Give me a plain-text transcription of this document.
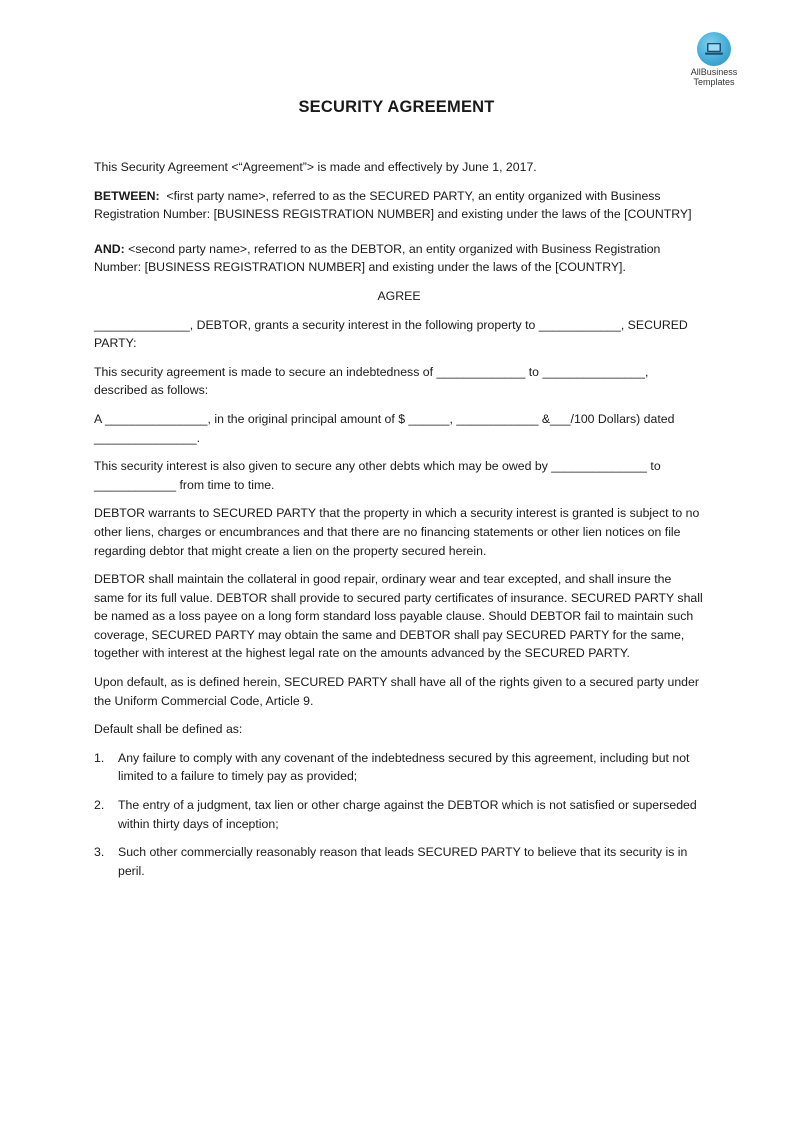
AllBusiness
Templates
SECURITY AGREEMENT

This Security Agreement <“Agreement”> is made and effectively by June 1, 2017.

BETWEEN:  <first party name>, referred to as the SECURED PARTY, an entity organized with Business Registration Number: [BUSINESS REGISTRATION NUMBER] and existing under the laws of the [COUNTRY]

AND: <second party name>, referred to as the DEBTOR, an entity organized with Business Registration Number: [BUSINESS REGISTRATION NUMBER] and existing under the laws of the [COUNTRY].

AGREE

______________, DEBTOR, grants a security interest in the following property to ____________, SECURED PARTY:

This security agreement is made to secure an indebtedness of _____________ to _______________, described as follows:

A _______________, in the original principal amount of $ ______, ____________ &___/100 Dollars) dated _______________.

This security interest is also given to secure any other debts which may be owed by ______________ to ____________ from time to time.

DEBTOR warrants to SECURED PARTY that the property in which a security interest is granted is subject to no other liens, charges or encumbrances and that there are no financing statements or other lien notices on file regarding debtor that might create a lien on the property secured herein.

DEBTOR shall maintain the collateral in good repair, ordinary wear and tear excepted, and shall insure the same for its full value. DEBTOR shall provide to secured party certificates of insurance. SECURED PARTY shall be named as a loss payee on a long form standard loss payable clause. Should DEBTOR fail to maintain such coverage, SECURED PARTY may obtain the same and DEBTOR shall pay SECURED PARTY for the same, together with interest at the highest legal rate on the amounts advanced by the SECURED PARTY.

Upon default, as is defined herein, SECURED PARTY shall have all of the rights given to a secured party under the Uniform Commercial Code, Article 9.

Default shall be defined as:

1.	Any failure to comply with any covenant of the indebtedness secured by this agreement, including but not limited to a failure to timely pay as provided;
2.	The entry of a judgment, tax lien or other charge against the DEBTOR which is not satisfied or superseded within thirty days of inception;
3.	Such other commercially reasonably reason that leads SECURED PARTY to believe that its security is in peril.
